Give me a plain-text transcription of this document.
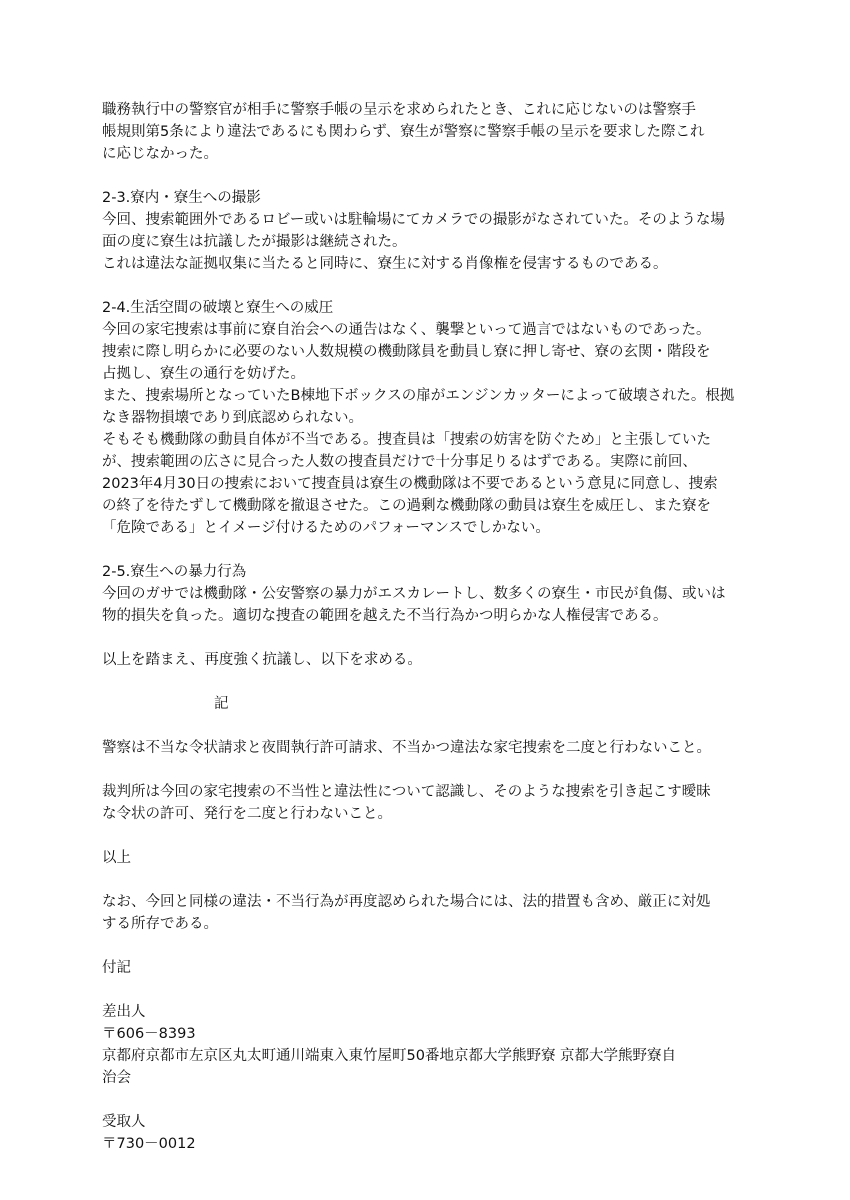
職務執行中の警察官が相手に警察手帳の呈示を求められたとき、これに応じないのは警察手
帳規則第5条により違法であるにも関わらず、寮生が警察に警察手帳の呈示を要求した際これ
に応じなかった。

2-3.寮内・寮生への撮影
今回、捜索範囲外であるロビー或いは駐輪場にてカメラでの撮影がなされていた。そのような場
面の度に寮生は抗議したが撮影は継続された。
これは違法な証拠収集に当たると同時に、寮生に対する肖像権を侵害するものである。
2-4.生活空間の破壊と寮生への威圧
今回の家宅捜索は事前に寮自治会への通告はなく、襲撃といって過言ではないものであった。
捜索に際し明らかに必要のない人数規模の機動隊員を動員し寮に押し寄せ、寮の玄関・階段を
占拠し、寮生の通行を妨げた。
また、捜索場所となっていたB棟地下ボックスの扉がエンジンカッターによって破壊された。根拠
なき器物損壊であり到底認められない。
そもそも機動隊の動員自体が不当である。捜査員は「捜索の妨害を防ぐため」と主張していた
が、捜索範囲の広さに見合った人数の捜査員だけで十分事足りるはずである。実際に前回、
2023年4月30日の捜索において捜査員は寮生の機動隊は不要であるという意見に同意し、捜索
の終了を待たずして機動隊を撤退させた。この過剰な機動隊の動員は寮生を威圧し、また寮を
「危険である」とイメージ付けるためのパフォーマンスでしかない。
2-5.寮生への暴力行為
今回のガサでは機動隊・公安警察の暴力がエスカレートし、数多くの寮生・市民が負傷、或いは
物的損失を負った。適切な捜査の範囲を越えた不当行為かつ明らかな人権侵害である。

以上を踏まえ、再度強く抗議し、以下を求める。

記

警察は不当な令状請求と夜間執行許可請求、不当かつ違法な家宅捜索を二度と行わないこと。

裁判所は今回の家宅捜索の不当性と違法性について認識し、そのような捜索を引き起こす曖昧
な令状の許可、発行を二度と行わないこと。

以上

なお、今回と同様の違法・不当行為が再度認められた場合には、法的措置も含め、厳正に対処
する所存である。

付記

差出人
〒606－8393
京都府京都市左京区丸太町通川端東入東竹屋町50番地京都大学熊野寮 京都大学熊野寮自
治会
受取人
〒730－0012
